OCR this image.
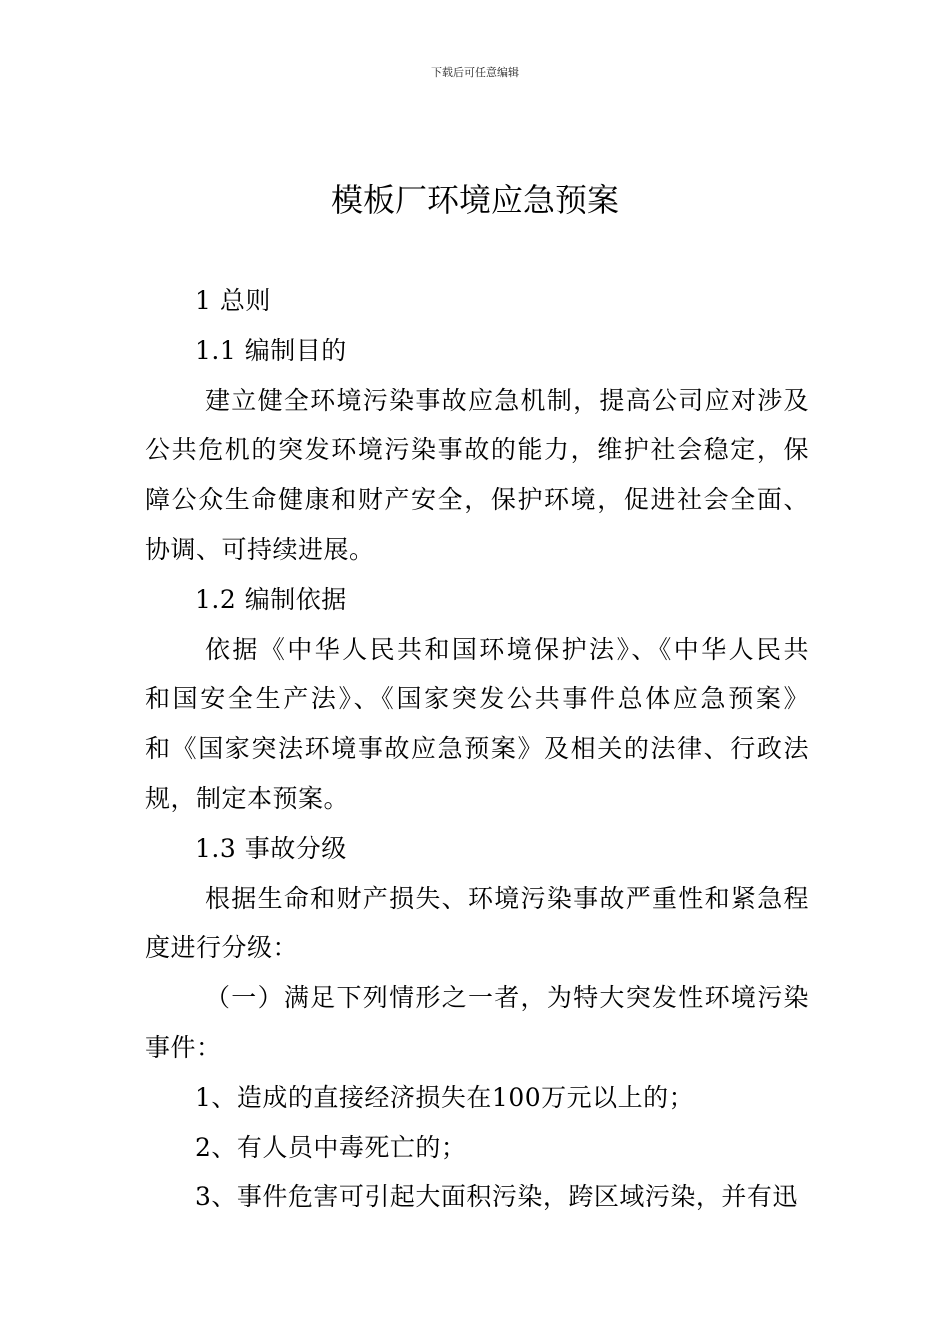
下载后可任意编辑
模板厂环境应急预案
1 总则
1.1 编制目的
建立健全环境污染事故应急机制，提高公司应对涉及
公共危机的突发环境污染事故的能力，维护社会稳定，保
障公众生命健康和财产安全，保护环境，促进社会全面、
协调、可持续进展。
1.2 编制依据
依据《中华人民共和国环境保护法》、《中华人民共
和国安全生产法》、《国家突发公共事件总体应急预案》
和《国家突法环境事故应急预案》及相关的法律、行政法
规，制定本预案。
1.3 事故分级
根据生命和财产损失、环境污染事故严重性和紧急程
度进行分级：
（一）满足下列情形之一者，为特大突发性环境污染
事件：
1、造成的直接经济损失在100万元以上的；
2、有人员中毒死亡的；
3、事件危害可引起大面积污染，跨区域污染，并有迅
